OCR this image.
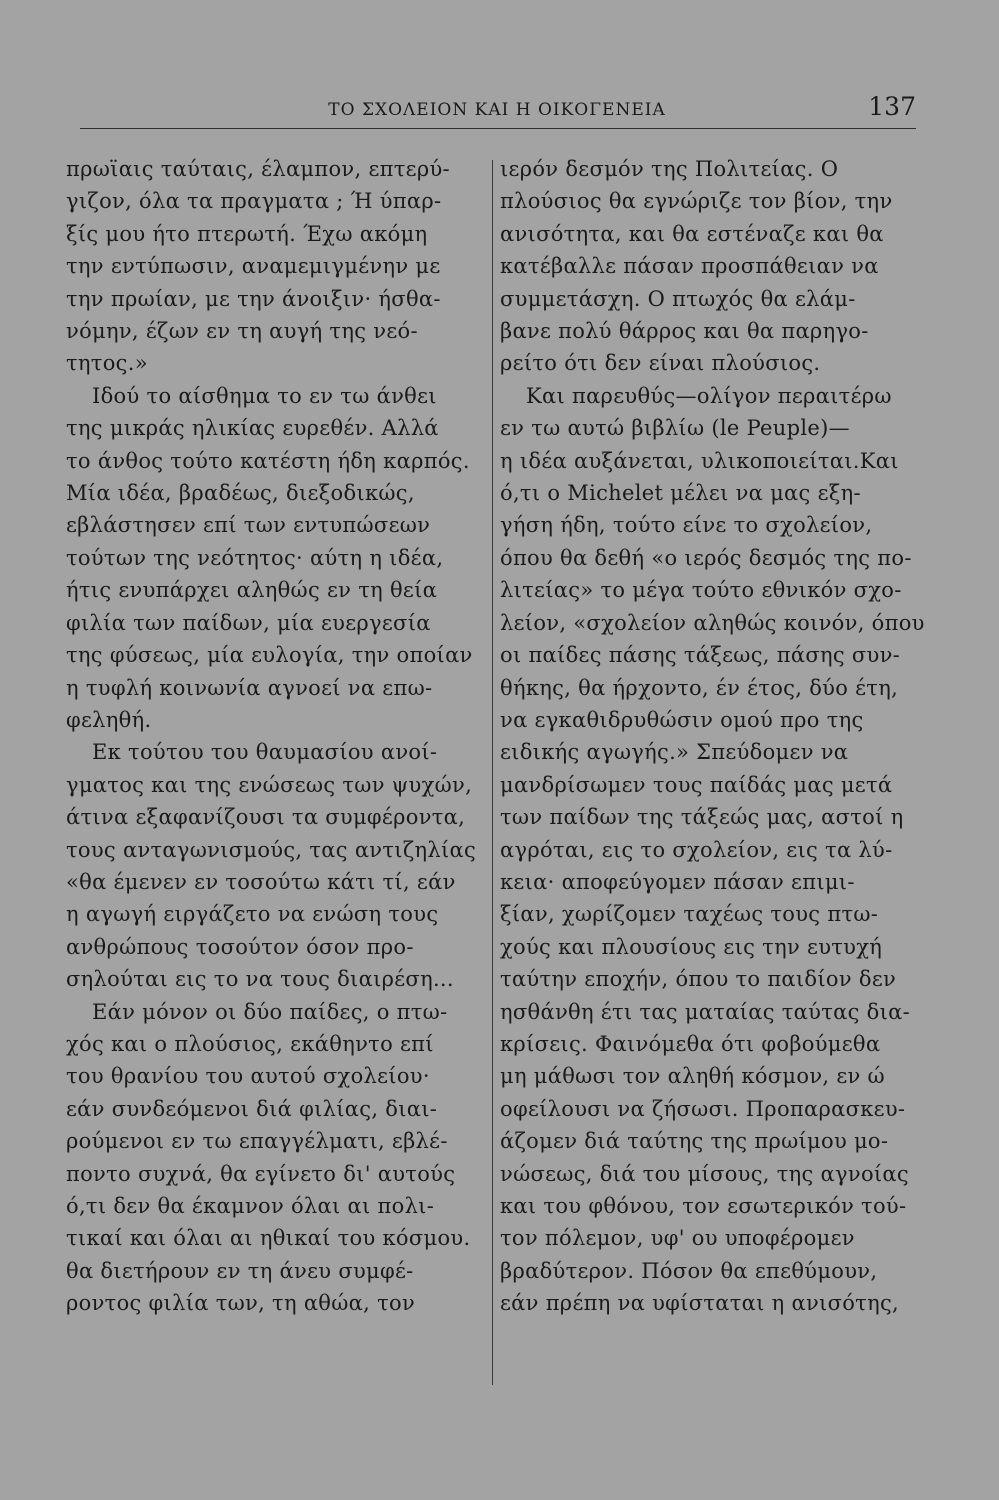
ΤΟ ΣΧΟΛΕΙΟΝ ΚΑΙ Η ΟΙΚΟΓΕΝΕΙΑ	137
πρωϊαις ταύταις, έλαμπον, επτερύ-
γιζον, όλα τα πραγματα ; Ή ύπαρ-
ξίς μου ήτο πτερωτή. Έχω ακόμη
την εντύπωσιν, αναμεμιγμένην με
την πρωίαν, με την άνοιξιν· ήσθα-
νόμην, έζων εν τη αυγή της νεό-
τητος.»
Ιδού το αίσθημα το εν τω άνθει
της μικράς ηλικίας ευρεθέν. Αλλά
το άνθος τούτο κατέστη ήδη καρπός.
Μία ιδέα, βραδέως, διεξοδικώς,
εβλάστησεν επί των εντυπώσεων
τούτων της νεότητος· αύτη η ιδέα,
ήτις ενυπάρχει αληθώς εν τη θεία
φιλία των παίδων, μία ευεργεσία
της φύσεως, μία ευλογία, την οποίαν
η τυφλή κοινωνία αγνοεί να επω-
φεληθή.
Εκ τούτου του θαυμασίου ανοί-
γματος και της ενώσεως των ψυχών,
άτινα εξαφανίζουσι τα συμφέροντα,
τους ανταγωνισμούς, τας αντιζηλίας
«θα έμενεν εν τοσούτω κάτι τί, εάν
η αγωγή ειργάζετο να ενώση τους
ανθρώπους τοσούτον όσον προ-
σηλούται εις το να τους διαιρέση...
Εάν μόνον οι δύο παίδες, ο πτω-
χός και ο πλούσιος, εκάθηντο επί
του θρανίου του αυτού σχολείου·
εάν συνδεόμενοι διά φιλίας, διαι-
ρούμενοι εν τω επαγγέλματι, εβλέ-
ποντο συχνά, θα εγίνετο δι' αυτούς
ό,τι δεν θα έκαμνον όλαι αι πολι-
τικαί και όλαι αι ηθικαί του κόσμου.
θα διετήρουν εν τη άνευ συμφέ-
ροντος φιλία των, τη αθώα, τον
ιερόν δεσμόν της Πολιτείας. Ο
πλούσιος θα εγνώριζε τον βίον, την
ανισότητα, και θα εστέναζε και θα
κατέβαλλε πάσαν προσπάθειαν να
συμμετάσχη. Ο πτωχός θα ελάμ-
βανε πολύ θάρρος και θα παρηγο-
ρείτο ότι δεν είναι πλούσιος.
Και παρευθύς—ολίγον περαιτέρω
εν τω αυτώ βιβλίω (le Peuple)—
η ιδέα αυξάνεται, υλικοποιείται.Και
ό,τι ο Michelet μέλει να μας εξη-
γήση ήδη, τούτο είνε το σχολείον,
όπου θα δεθή «ο ιερός δεσμός της πο-
λιτείας» το μέγα τούτο εθνικόν σχο-
λείον, «σχολείον αληθώς κοινόν, όπου
οι παίδες πάσης τάξεως, πάσης συν-
θήκης, θα ήρχοντο, έν έτος, δύο έτη,
να εγκαθιδρυθώσιν ομού προ της
ειδικής αγωγής.» Σπεύδομεν να
μανδρίσωμεν τους παίδάς μας μετά
των παίδων της τάξεώς μας, αστοί η
αγρόται, εις το σχολείον, εις τα λύ-
κεια· αποφεύγομεν πάσαν επιμι-
ξίαν, χωρίζομεν ταχέως τους πτω-
χούς και πλουσίους εις την ευτυχή
ταύτην εποχήν, όπου το παιδίον δεν
ησθάνθη έτι τας ματαίας ταύτας δια-
κρίσεις. Φαινόμεθα ότι φοβούμεθα
μη μάθωσι τον αληθή κόσμον, εν ώ
οφείλουσι να ζήσωσι. Προπαρασκευ-
άζομεν διά ταύτης της πρωίμου μο-
νώσεως, διά του μίσους, της αγνοίας
και του φθόνου, τον εσωτερικόν τού-
τον πόλεμον, υφ' ου υποφέρομεν
βραδύτερον. Πόσον θα επεθύμουν,
εάν πρέπη να υφίσταται η ανισότης,
